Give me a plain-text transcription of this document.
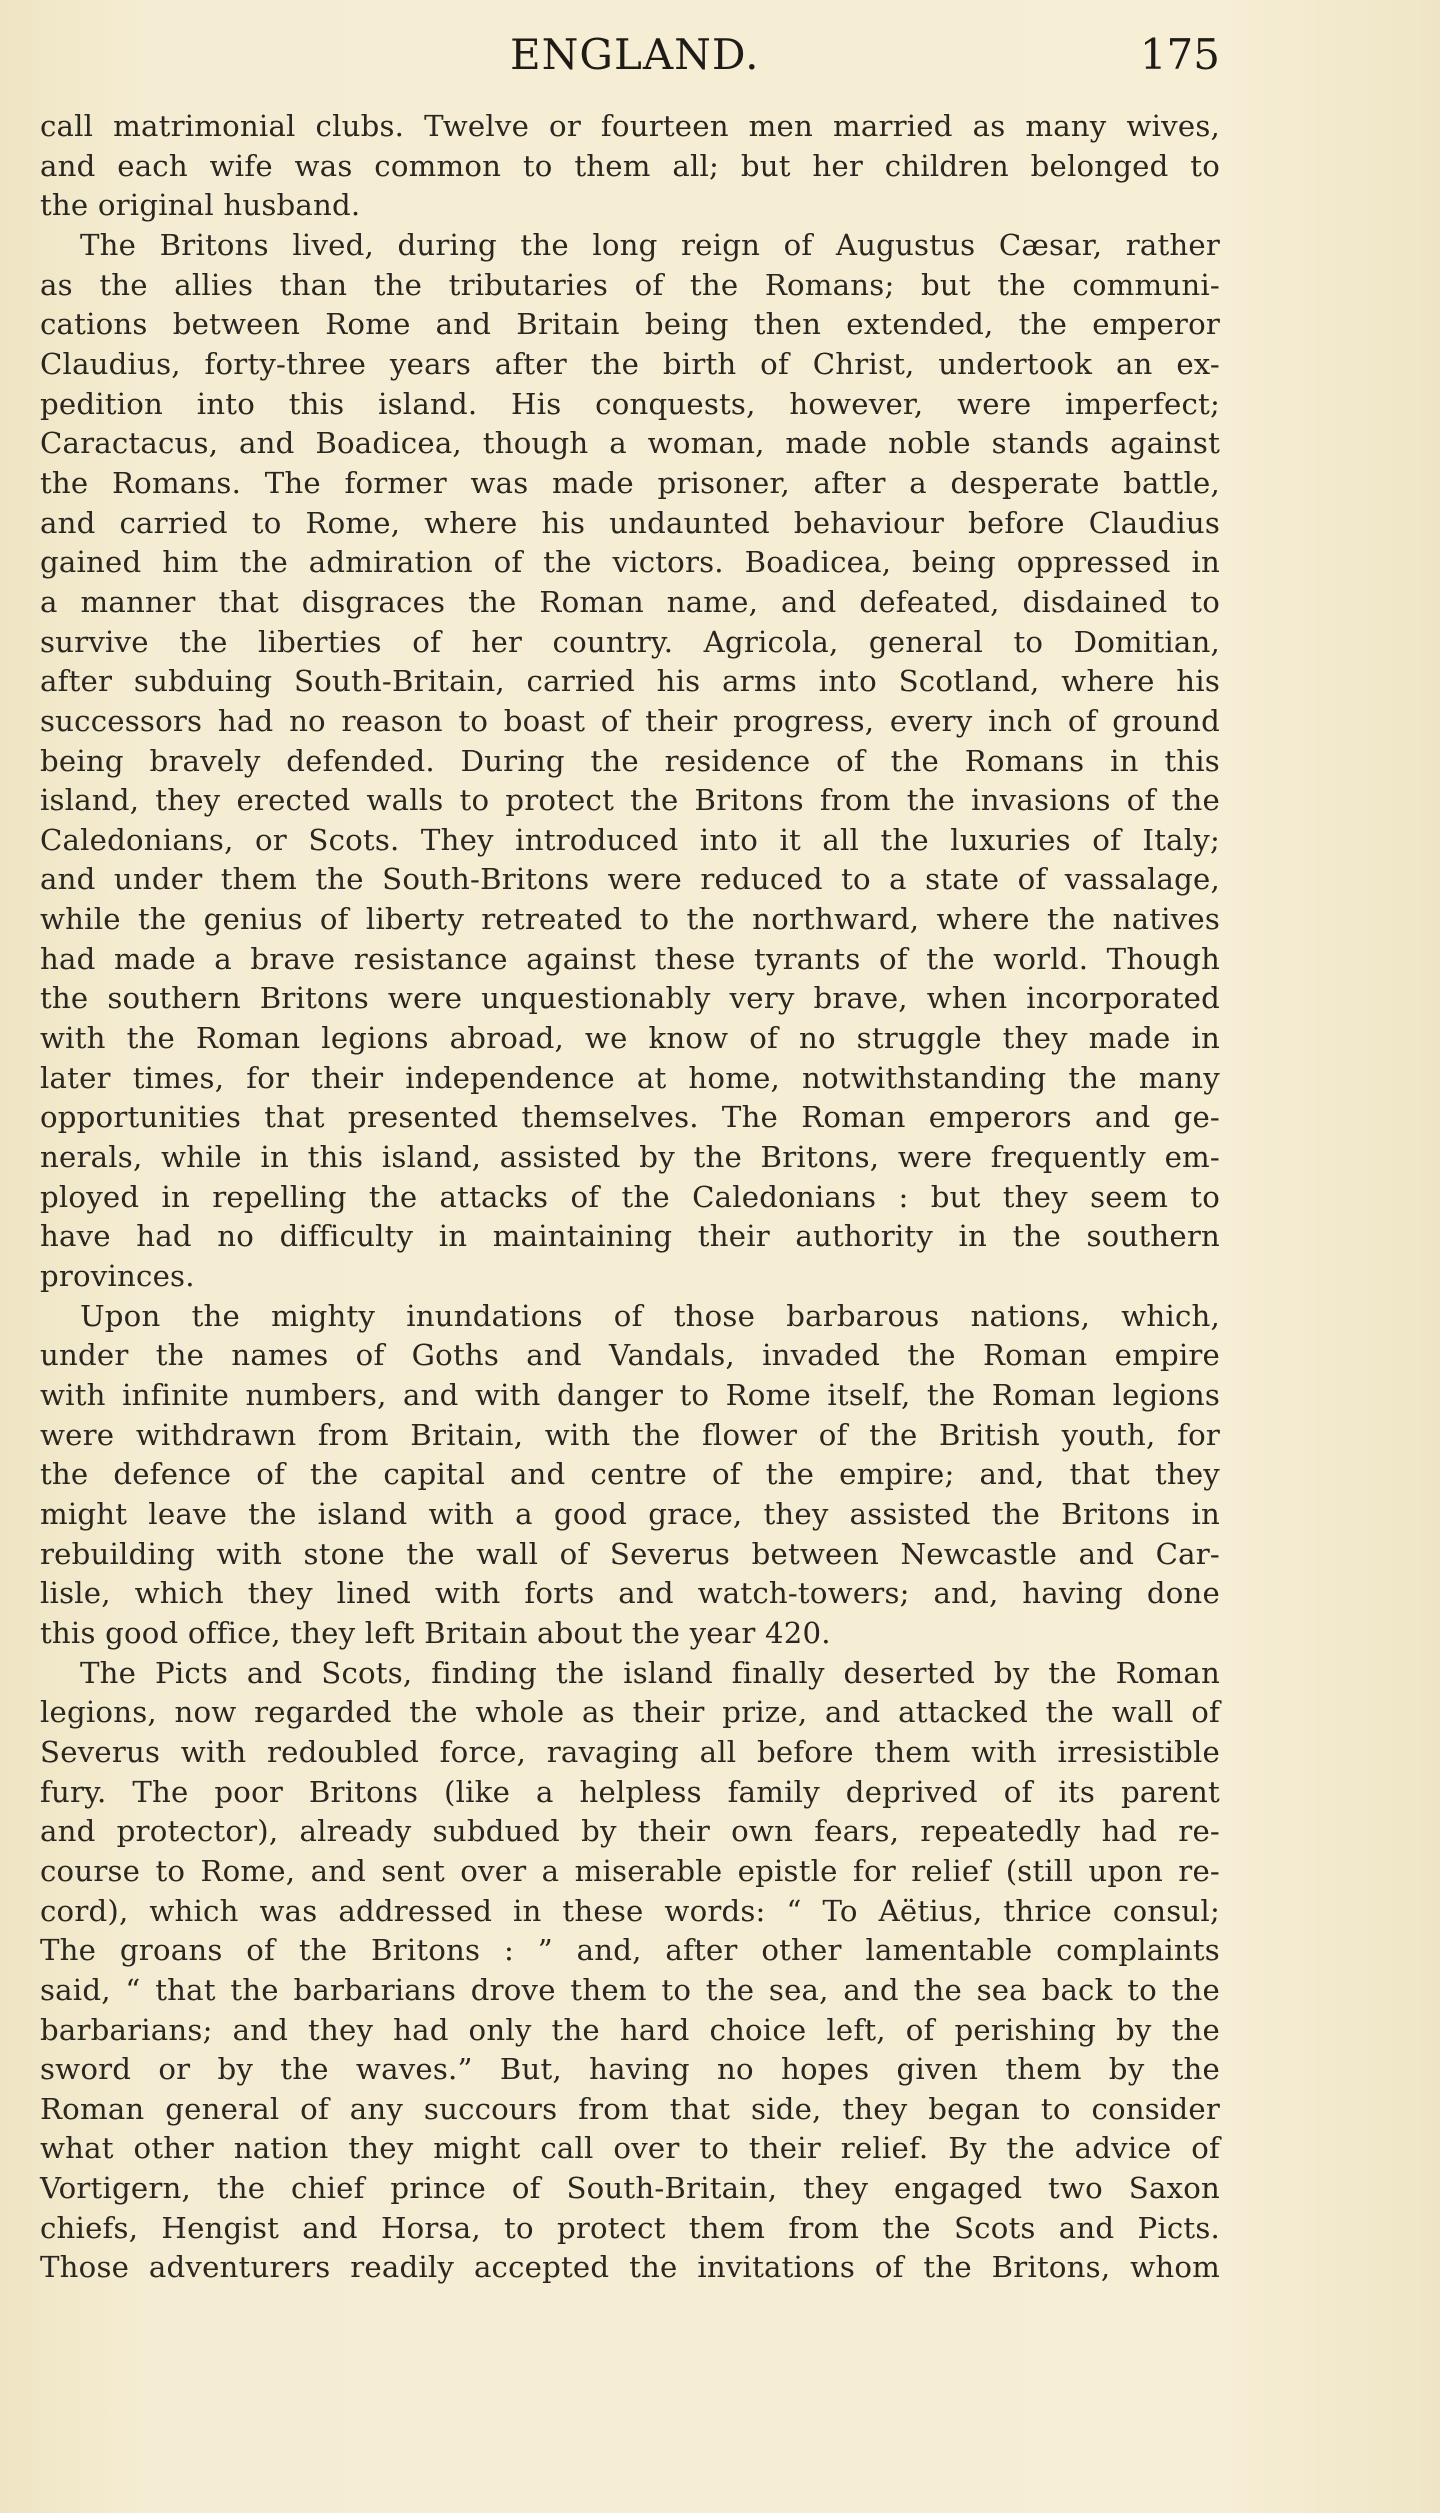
ENGLAND.	175
call matrimonial clubs. Twelve or fourteen men married as many wives,
and each wife was common to them all; but her children belonged to
the original husband.
The Britons lived, during the long reign of Augustus Cæsar, rather
as the allies than the tributaries of the Romans; but the communi-
cations between Rome and Britain being then extended, the emperor
Claudius, forty-three years after the birth of Christ, undertook an ex-
pedition into this island. His conquests, however, were imperfect;
Caractacus, and Boadicea, though a woman, made noble stands against
the Romans. The former was made prisoner, after a desperate battle,
and carried to Rome, where his undaunted behaviour before Claudius
gained him the admiration of the victors. Boadicea, being oppressed in
a manner that disgraces the Roman name, and defeated, disdained to
survive the liberties of her country. Agricola, general to Domitian,
after subduing South-Britain, carried his arms into Scotland, where his
successors had no reason to boast of their progress, every inch of ground
being bravely defended. During the residence of the Romans in this
island, they erected walls to protect the Britons from the invasions of the
Caledonians, or Scots. They introduced into it all the luxuries of Italy;
and under them the South-Britons were reduced to a state of vassalage,
while the genius of liberty retreated to the northward, where the natives
had made a brave resistance against these tyrants of the world. Though
the southern Britons were unquestionably very brave, when incorporated
with the Roman legions abroad, we know of no struggle they made in
later times, for their independence at home, notwithstanding the many
opportunities that presented themselves. The Roman emperors and ge-
nerals, while in this island, assisted by the Britons, were frequently em-
ployed in repelling the attacks of the Caledonians : but they seem to
have had no difficulty in maintaining their authority in the southern
provinces.
Upon the mighty inundations of those barbarous nations, which,
under the names of Goths and Vandals, invaded the Roman empire
with infinite numbers, and with danger to Rome itself, the Roman legions
were withdrawn from Britain, with the flower of the British youth, for
the defence of the capital and centre of the empire; and, that they
might leave the island with a good grace, they assisted the Britons in
rebuilding with stone the wall of Severus between Newcastle and Car-
lisle, which they lined with forts and watch-towers; and, having done
this good office, they left Britain about the year 420.
The Picts and Scots, finding the island finally deserted by the Roman
legions, now regarded the whole as their prize, and attacked the wall of
Severus with redoubled force, ravaging all before them with irresistible
fury. The poor Britons (like a helpless family deprived of its parent
and protector), already subdued by their own fears, repeatedly had re-
course to Rome, and sent over a miserable epistle for relief (still upon re-
cord), which was addressed in these words: “ To Aëtius, thrice consul;
The groans of the Britons : ” and, after other lamentable complaints
said, “ that the barbarians drove them to the sea, and the sea back to the
barbarians; and they had only the hard choice left, of perishing by the
sword or by the waves.” But, having no hopes given them by the
Roman general of any succours from that side, they began to consider
what other nation they might call over to their relief. By the advice of
Vortigern, the chief prince of South-Britain, they engaged two Saxon
chiefs, Hengist and Horsa, to protect them from the Scots and Picts.
Those adventurers readily accepted the invitations of the Britons, whom
